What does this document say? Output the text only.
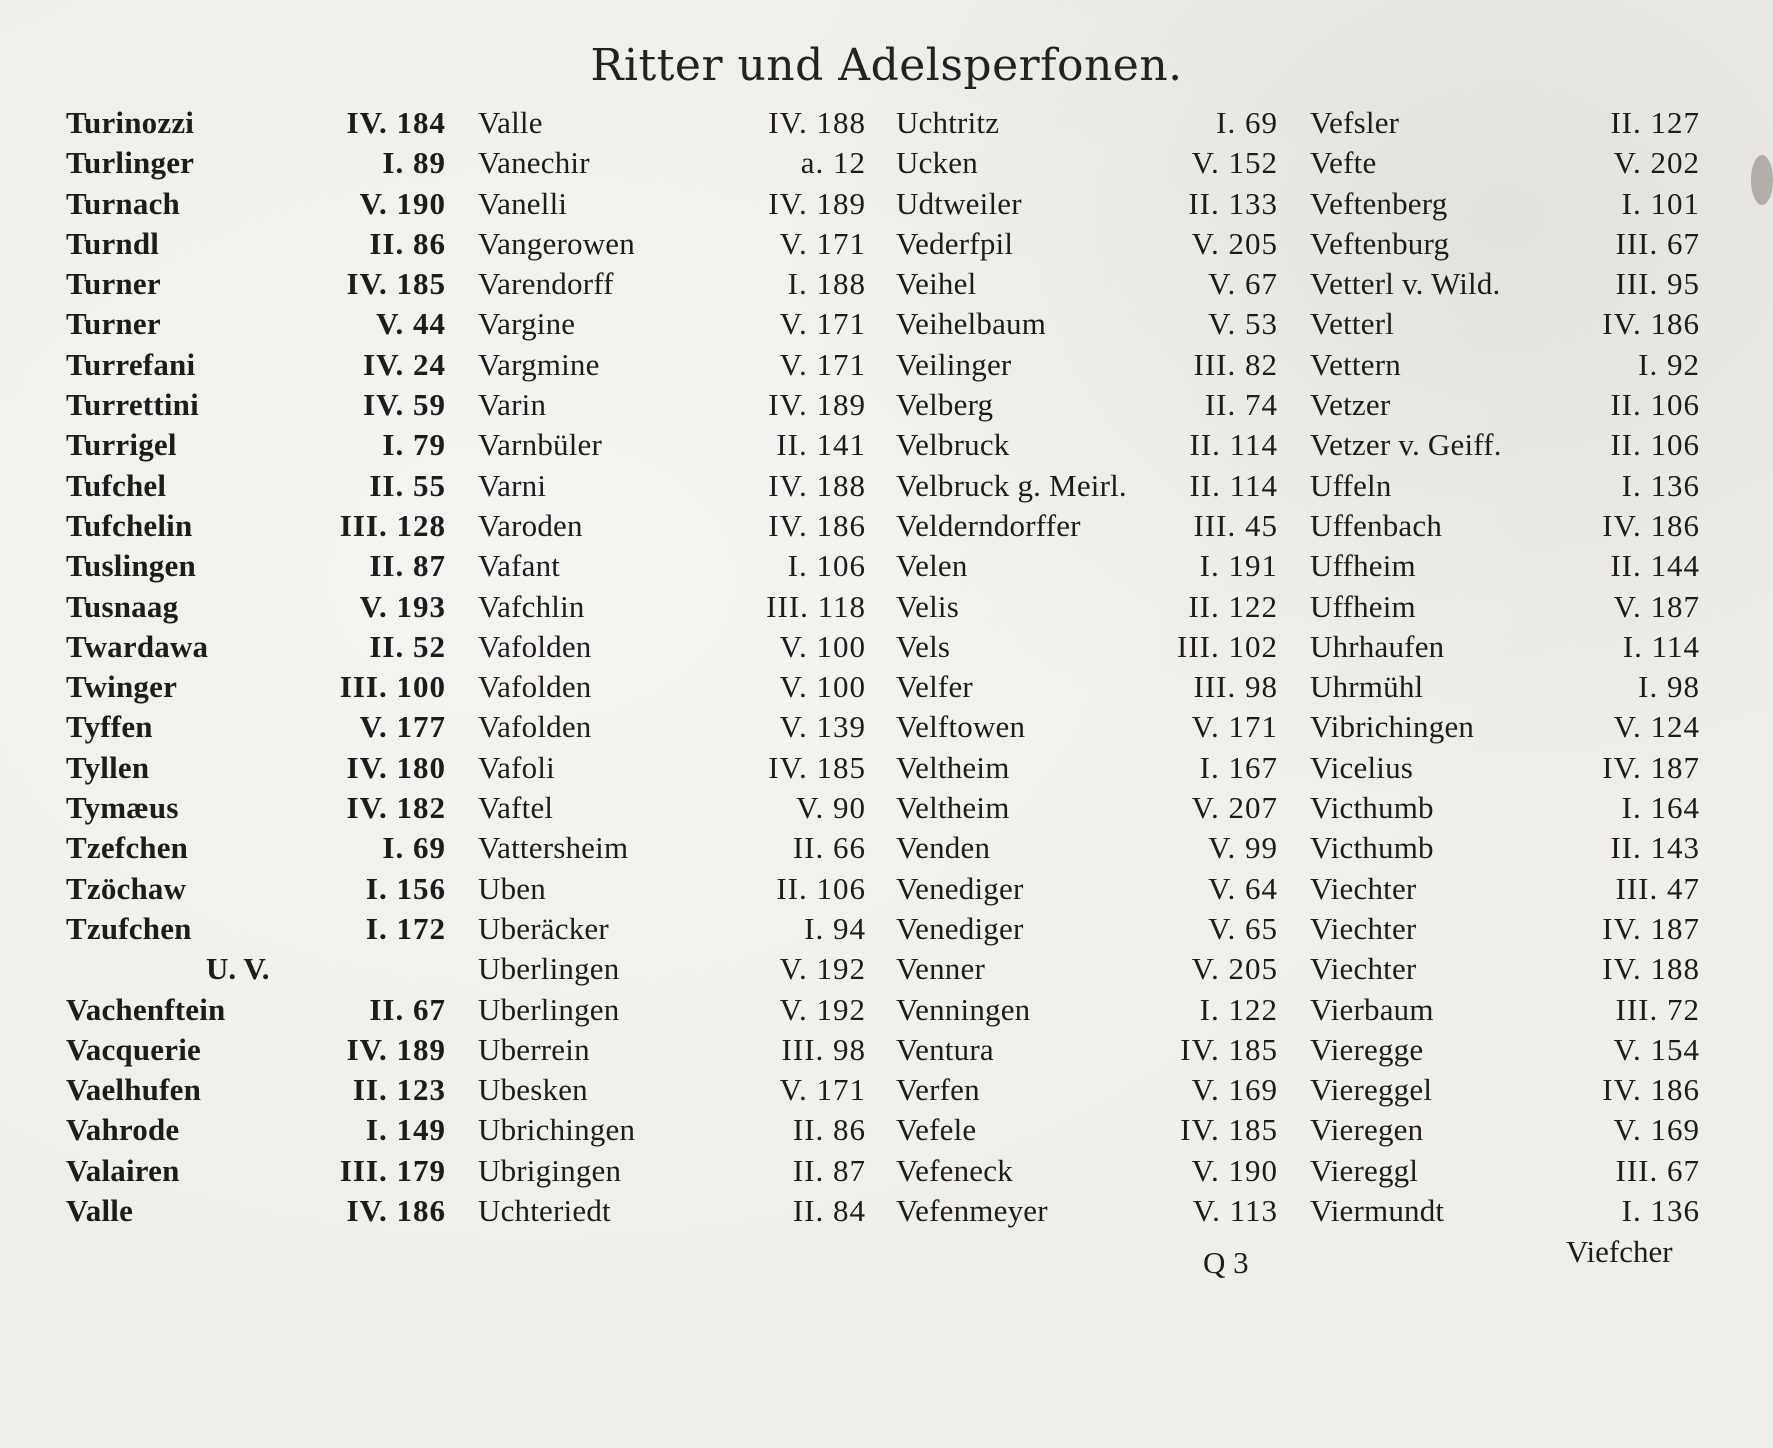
Ritter und Adelsperfonen.
Turinozzi	IV. 184
Turlinger	I. 89
Turnach	V. 190
Turndl	II. 86
Turner	IV. 185
Turner	V. 44
Turrefani	IV. 24
Turrettini	IV. 59
Turrigel	I. 79
Tufchel	II. 55
Tufchelin	III. 128
Tuslingen	II. 87
Tusnaag	V. 193
Twardawa	II. 52
Twinger	III. 100
Tyffen	V. 177
Tyllen	IV. 180
Tymæus	IV. 182
Tzefchen	I. 69
Tzöchaw	I. 156
Tzufchen	I. 172
U. V.
Vachenftein	II. 67
Vacquerie	IV. 189
Vaelhufen	II. 123
Vahrode	I. 149
Valairen	III. 179
Valle	IV. 186
Valle	IV. 188
Vanechir	a. 12
Vanelli	IV. 189
Vangerowen	V. 171
Varendorff	I. 188
Vargine	V. 171
Vargmine	V. 171
Varin	IV. 189
Varnbüler	II. 141
Varni	IV. 188
Varoden	IV. 186
Vafant	I. 106
Vafchlin	III. 118
Vafolden	V. 100
Vafolden	V. 100
Vafolden	V. 139
Vafoli	IV. 185
Vaftel	V. 90
Vattersheim	II. 66
Uben	II. 106
Uberäcker	I. 94
Uberlingen	V. 192
Uberlingen	V. 192
Uberrein	III. 98
Ubesken	V. 171
Ubrichingen	II. 86
Ubrigingen	II. 87
Uchteriedt	II. 84
Uchtritz	I. 69
Ucken	V. 152
Udtweiler	II. 133
Vederfpil	V. 205
Veihel	V. 67
Veihelbaum	V. 53
Veilinger	III. 82
Velberg	II. 74
Velbruck	II. 114
Velbruck g. Meirl. II. 114
Velderndorffer	III. 45
Velen	I. 191
Velis	II. 122
Vels	III. 102
Velfer	III. 98
Velftowen	V. 171
Veltheim	I. 167
Veltheim	V. 207
Venden	V. 99
Venediger	V. 64
Venediger	V. 65
Venner	V. 205
Venningen	I. 122
Ventura	IV. 185
Verfen	V. 169
Vefele	IV. 185
Vefeneck	V. 190
Vefenmeyer	V. 113
Vefsler	II. 127
Vefte	V. 202
Veftenberg	I. 101
Veftenburg	III. 67
Vetterl v. Wild.	III. 95
Vetterl	IV. 186
Vettern	I. 92
Vetzer	II. 106
Vetzer v. Geiff.	II. 106
Uffeln	I. 136
Uffenbach	IV. 186
Uffheim	II. 144
Uffheim	V. 187
Uhrhaufen	I. 114
Uhrmühl	I. 98
Vibrichingen	V. 124
Vicelius	IV. 187
Victhumb	I. 164
Victhumb	II. 143
Viechter	III. 47
Viechter	IV. 187
Viechter	IV. 188
Vierbaum	III. 72
Vieregge	V. 154
Viereggel	IV. 186
Vieregen	V. 169
Viereggl	III. 67
Viermundt	I. 136
Q 3	Viefcher
